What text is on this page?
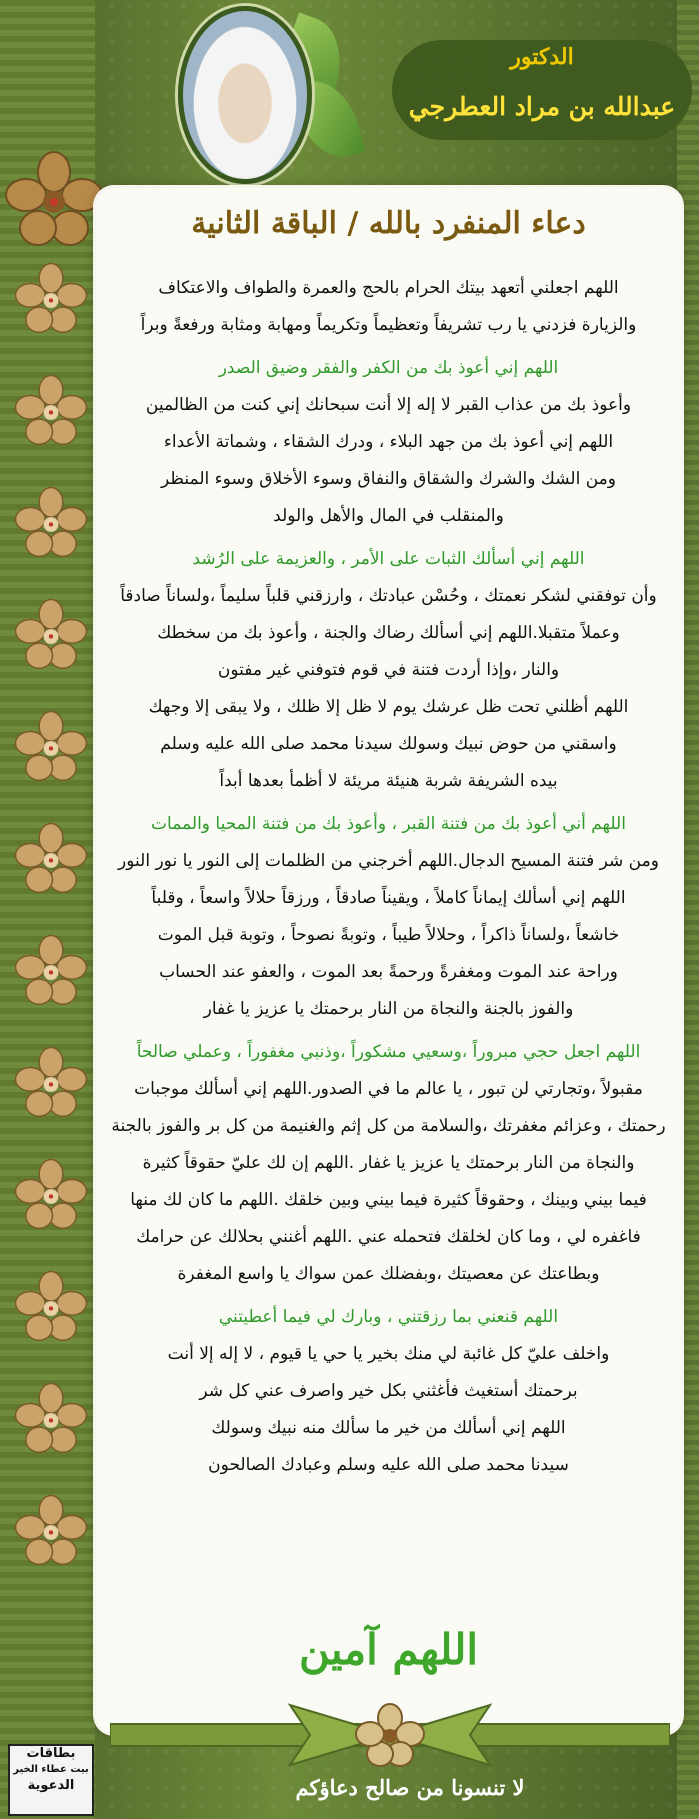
الدكتور
عبدالله بن مراد العطرجي
دعاء المنفرد بالله / الباقة الثانية
اللهم اجعلني أتعهد بيتك الحرام بالحج والعمرة والطواف والاعتكاف
والزيارة فزدني يا رب تشريفاً وتعظيماً وتكريماً ومهابة ومثابة ورفعةً وبراً
اللهم إني أعوذ بك من الكفر والفقر وضيق الصدر
وأعوذ بك من عذاب القبر لا إله إلا أنت سبحانك إني كنت من الظالمين
اللهم إني أعوذ بك من جهد البلاء ، ودرك الشقاء ، وشماتة الأعداء
ومن الشك والشرك والشقاق والنفاق وسوء الأخلاق وسوء المنظر
والمنقلب في المال والأهل والولد
اللهم إني أسألك الثبات على الأمر ، والعزيمة على الرُشد
وأن توفقني لشكر نعمتك ، وحُسْن عبادتك ، وارزقني قلباً سليماً ،ولساناً صادقاً
وعملاً متقبلا.اللهم إني أسألك رضاك والجنة ، وأعوذ بك من سخطك
والنار ،وإذا أردت فتنة في قوم فتوفني غير مفتون
اللهم أظلني تحت ظل عرشك يوم لا ظل إلا ظلك ، ولا يبقى إلا وجهك
واسقني من حوض نبيك وسولك سيدنا محمد صلى الله عليه وسلم
بيده الشريفة شربة هنيئة مريئة لا أظمأ بعدها أبداً
اللهم أني أعوذ بك من فتنة القبر ، وأعوذ بك من فتنة المحيا والممات
ومن شر فتنة المسيح الدجال.اللهم أخرجني من الظلمات إلى النور يا نور النور
اللهم إني أسألك إيماناً كاملاً ، ويقيناً صادقاً ، ورزقاً حلالاً واسعاً ، وقلباً
خاشعاً ،ولساناً ذاكراً ، وحلالاً طيباً ، وتوبةً نصوحاً ، وتوبة قبل الموت
وراحة عند الموت ومغفرةً ورحمةً بعد الموت ، والعفو عند الحساب
والفوز بالجنة والنجاة من النار برحمتك يا عزيز يا غفار
اللهم اجعل حجي مبروراً ،وسعيي مشكوراً ،وذنبي مغفوراً ، وعملي صالحاً
مقبولاً ،وتجارتي لن تبور ، يا عالم ما في الصدور.اللهم إني أسألك موجبات
رحمتك ، وعزائم مغفرتك ،والسلامة من كل إثم والغنيمة من كل بر والفوز بالجنة
والنجاة من النار برحمتك يا عزيز يا غفار .اللهم إن لك عليّ حقوقاً كثيرة
فيما بيني وبينك ، وحقوقاً كثيرة فيما بيني وبين خلقك .اللهم ما كان لك منها
فاغفره لي ، وما كان لخلقك فتحمله عني .اللهم أغنني بحلالك عن حرامك
وبطاعتك عن معصيتك ،وبفضلك عمن سواك يا واسع المغفرة
اللهم قنعني بما رزقتني ، وبارك لي فيما أعطيتني
واخلف عليّ كل غائبة لي منك بخير يا حي يا قيوم ، لا إله إلا أنت
برحمتك أستغيث فأغثني بكل خير واصرف عني كل شر
اللهم إني أسألك من خير ما سألك منه نبيك وسولك
سيدنا محمد صلى الله عليه وسلم وعبادك الصالحون
اللهم آمين
لا تنسونا من صالح دعاؤكم
بطاقات
بيت عطاء الخير
الدعوية
